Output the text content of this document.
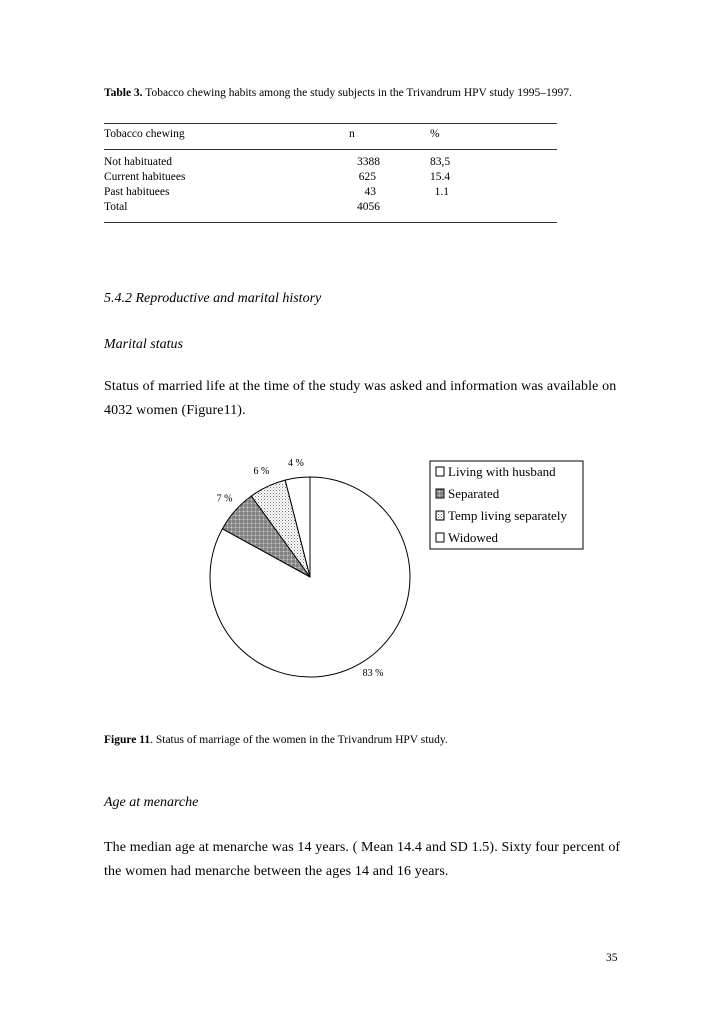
Table 3. Tobacco chewing habits among the study subjects in the Trivandrum HPV study 1995–1997.
Tobacco chewing	n	%
Not habituated	3388	83,5
Current habituees	625	15.4
Past habituees	43	1.1
Total	4056
5.4.2 Reproductive and marital history
Marital status
Status of married life at the time of the study was asked and information was available on 4032 women (Figure11).
4 %
6 %
7 %
83 %
Living with husband
Separated
Temp living separately
Widowed
Figure 11. Status of marriage of the women in the Trivandrum HPV study.
Age at menarche
The median age at menarche was 14 years. ( Mean 14.4 and SD 1.5). Sixty four percent of the women had menarche between the ages 14 and 16 years.
35
